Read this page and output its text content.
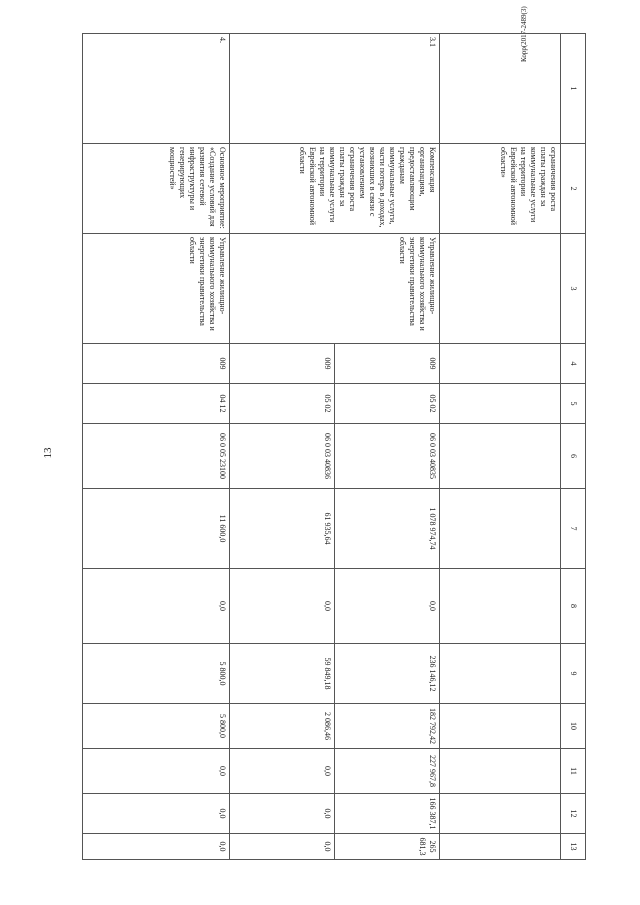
13
Корр(2017-2489(3)
1	2	3	4	5	6	7	8	9	10	11	12	13
	ограничения роста платы граждан за коммунальные услуги на территории Еврейской автономной области»											
3.1	Компенсация организациям, предоставляющим гражданам коммунальные услуги, части потерь в доходах, возникших в связи с установлением ограничения роста платы граждан за коммунальные услуги на территории Еврейской автономной области	Управление жилищно-коммунального хозяйства и энергетики правительства области	009	05 02	06 0 03 40835	1 078 974,74	0,0	236 146,12	182 792,42	227 967,8	166 387,1	265 681,3
			009	05 02	06 0 03 40836	61 935,64	0,0	59 849,18	2 086,46	0,0	0,0	0,0
4.	Основное мероприятие: «Создание условий для развития сетевой инфраструктуры и генерирующих мощностей»	Управление жилищно-коммунального хозяйства и энергетики правительства области	009	04 12	06 0 05 23100	11 600,0	0,0	5 800,0	5 800,0	0,0	0,0	0,0
